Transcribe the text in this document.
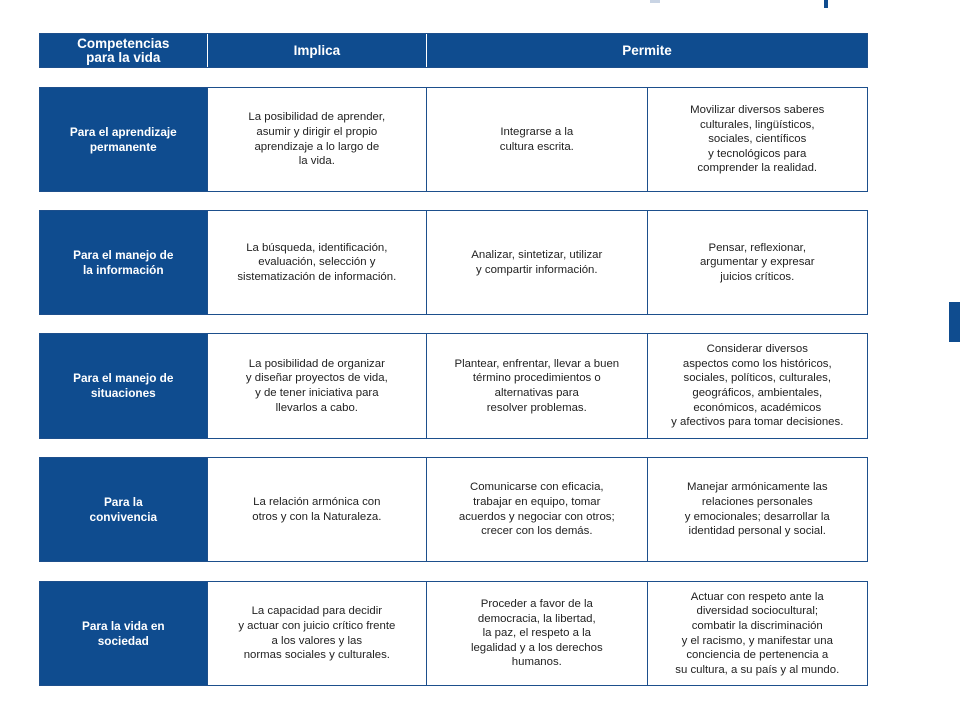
Competencias
para la vida	Implica	Permite
Para el aprendizaje
permanente
La posibilidad de aprender,
asumir y dirigir el propio
aprendizaje a lo largo de
la vida.
Integrarse a la
cultura escrita.
Movilizar diversos saberes
culturales, lingüísticos,
sociales, científicos
y tecnológicos para
comprender la realidad.
Para el manejo de
la información
La búsqueda, identificación,
evaluación, selección y
sistematización de información.
Analizar, sintetizar, utilizar
y compartir información.
Pensar, reflexionar,
argumentar y expresar
juicios críticos.
Para el manejo de
situaciones
La posibilidad de organizar
y diseñar proyectos de vida,
y de tener iniciativa para
llevarlos a cabo.
Plantear, enfrentar, llevar a buen
término procedimientos o
alternativas para
resolver problemas.
Considerar diversos
aspectos como los históricos,
sociales, políticos, culturales,
geográficos, ambientales,
económicos, académicos
y afectivos para tomar decisiones.
Para la
convivencia
La relación armónica con
otros y con la Naturaleza.
Comunicarse con eficacia,
trabajar en equipo, tomar
acuerdos y negociar con otros;
crecer con los demás.
Manejar armónicamente las
relaciones personales
y emocionales; desarrollar la
identidad personal y social.
Para la vida en
sociedad
La capacidad para decidir
y actuar con juicio crítico frente
a los valores y las
normas sociales y culturales.
Proceder a favor de la
democracia, la libertad,
la paz, el respeto a la
legalidad y a los derechos
humanos.
Actuar con respeto ante la
diversidad sociocultural;
combatir la discriminación
y el racismo, y manifestar una
conciencia de pertenencia a
su cultura, a su país y al mundo.
